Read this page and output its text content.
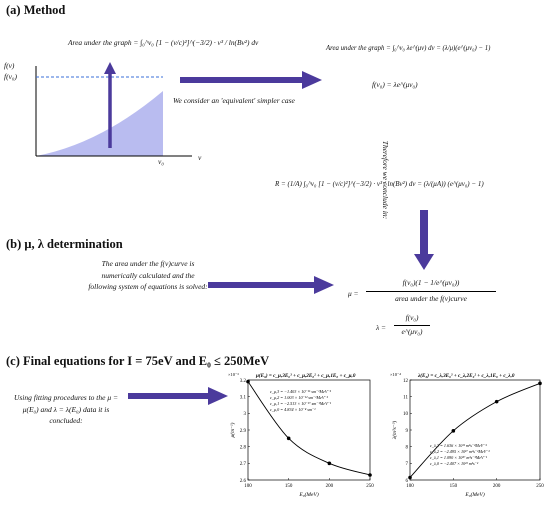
(a) Method
(b) μ, λ determination
(c) Final equations for I = 75eV and E₀ ≤ 250MeV
Area under the graph = ∫₀^v₀ [1 − (v/c)²]^(−3/2) · v³ / ln(Bv²) dv
f(v)
f(v₀)
v₀	v
We consider an 'equivalent' simpler case
Area under the graph = ∫₀^v₀ λe^(μv) dv = (λ/μ)(e^(μv₀) − 1)
f(v₀) = λe^(μv₀)
Therefore we conclude in:
R = (1/A) ∫₀^v₀ [1 − (v/c)²]^(−3/2) · v³ / ln(Bv²) dv = (λ/(μA)) (e^(μv₀) − 1)
The area under the f(v)curve is numerically calculated and the following system of equations is solved:
μ =
f(v₀)(1 − 1/e^(μv₀))
area under the f(v)curve
λ =
f(v₀)
e^(μv₀)
Using fitting procedures to the μ = μ(E₀) and λ = λ(E₀) data it is concluded:
μ(E₀) = c_μ,3E₀³ + c_μ,2E₀² + c_μ,1E₀ + c_μ,0
×10⁻³
2.6
2.7
2.8
2.9
3
3.1
3.2
100	150	200	250
E₀(MeV)
μ(m⁻¹)
c_μ,3 = −1.403 × 10⁻¹⁵ sm⁻¹MeV⁻³
c_μ,2 = 1.003 × 10⁻¹² sm⁻¹MeV⁻²
c_μ,1 = −2.513 × 10⁻¹⁰ sm⁻¹MeV⁻¹
c_μ,0 = 4.834 × 10⁻⁸ sm⁻¹
λ(E₀) = c_λ,3E₀³ + c_λ,2E₀² + c_λ,1E₀ + c_λ,0
×10⁻⁴
6
7
8
9
10
11
12
100	150	200	250
E₀(MeV)
λ(m³s⁻³)
c_λ,3 = 1.636 × 10¹¹ m³s⁻³MeV⁻³
c_λ,2 = −2.495 × 10¹⁷ m³s⁻³MeV⁻²
c_λ,1 = 1.090 × 10²⁰ m³s⁻³MeV⁻¹
c_λ,0 = −2.407 × 10²¹ m³s⁻³
